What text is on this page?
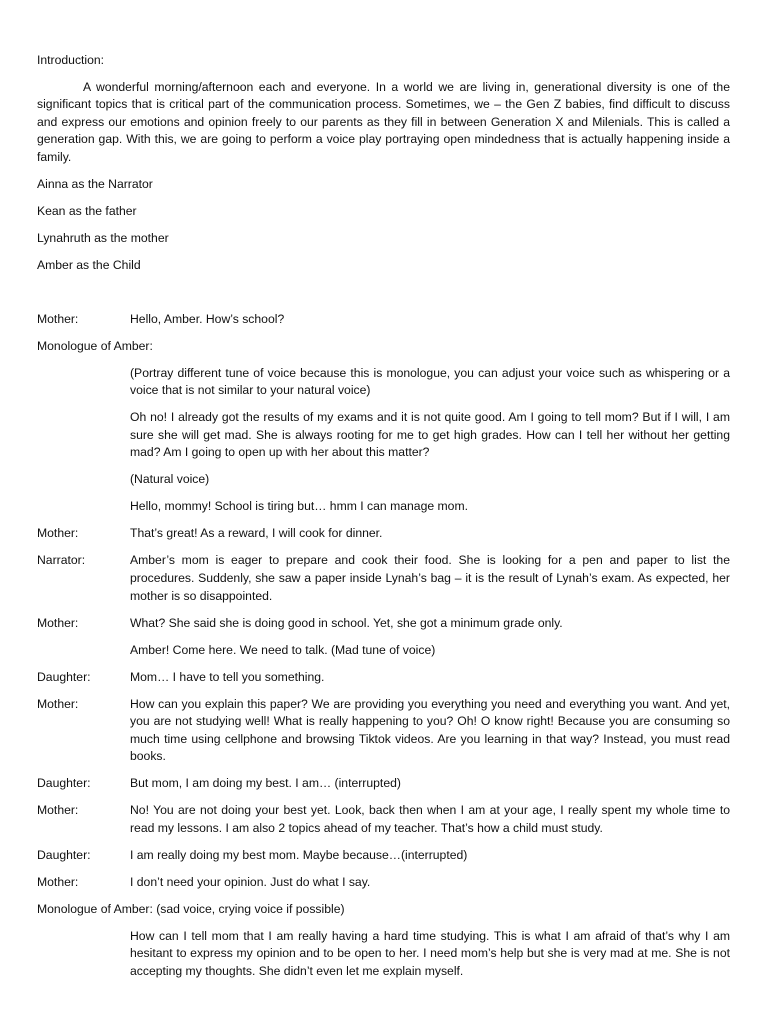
Introduction:

A wonderful morning/afternoon each and everyone. In a world we are living in, generational diversity is one of the significant topics that is critical part of the communication process. Sometimes, we – the Gen Z babies, find difficult to discuss and express our emotions and opinion freely to our parents as they fill in between Generation X and Milenials. This is called a generation gap. With this, we are going to perform a voice play portraying open mindedness that is actually happening inside a family.

Ainna as the Narrator

Kean as the father

Lynahruth as the mother

Amber as the Child

Mother:	Hello, Amber. How’s school?

Monologue of Amber:

(Portray different tune of voice because this is monologue, you can adjust your voice such as whispering or a voice that is not similar to your natural voice)

Oh no! I already got the results of my exams and it is not quite good. Am I going to tell mom? But if I will, I am sure she will get mad. She is always rooting for me to get high grades. How can I tell her without her getting mad? Am I going to open up with her about this matter?

(Natural voice)

Hello, mommy! School is tiring but… hmm I can manage mom.

Mother:	That’s great! As a reward, I will cook for dinner.
Narrator:	Amber’s mom is eager to prepare and cook their food. She is looking for a pen and paper to list the procedures. Suddenly, she saw a paper inside Lynah’s bag – it is the result of Lynah’s exam. As expected, her mother is so disappointed.
Mother:	What? She said she is doing good in school. Yet, she got a minimum grade only.

Amber! Come here. We need to talk. (Mad tune of voice)

Daughter:	Mom… I have to tell you something.
Mother:	How can you explain this paper? We are providing you everything you need and everything you want. And yet, you are not studying well! What is really happening to you? Oh! O know right! Because you are consuming so much time using cellphone and browsing Tiktok videos. Are you learning in that way? Instead, you must read books.
Daughter:	But mom, I am doing my best. I am… (interrupted)
Mother:	No! You are not doing your best yet. Look, back then when I am at your age, I really spent my whole time to read my lessons. I am also 2 topics ahead of my teacher. That’s how a child must study.
Daughter:	I am really doing my best mom. Maybe because…(interrupted)
Mother:	I don’t need your opinion. Just do what I say.

Monologue of Amber: (sad voice, crying voice if possible)

How can I tell mom that I am really having a hard time studying. This is what I am afraid of that’s why I am hesitant to express my opinion and to be open to her. I need mom’s help but she is very mad at me. She is not accepting my thoughts. She didn’t even let me explain myself.
